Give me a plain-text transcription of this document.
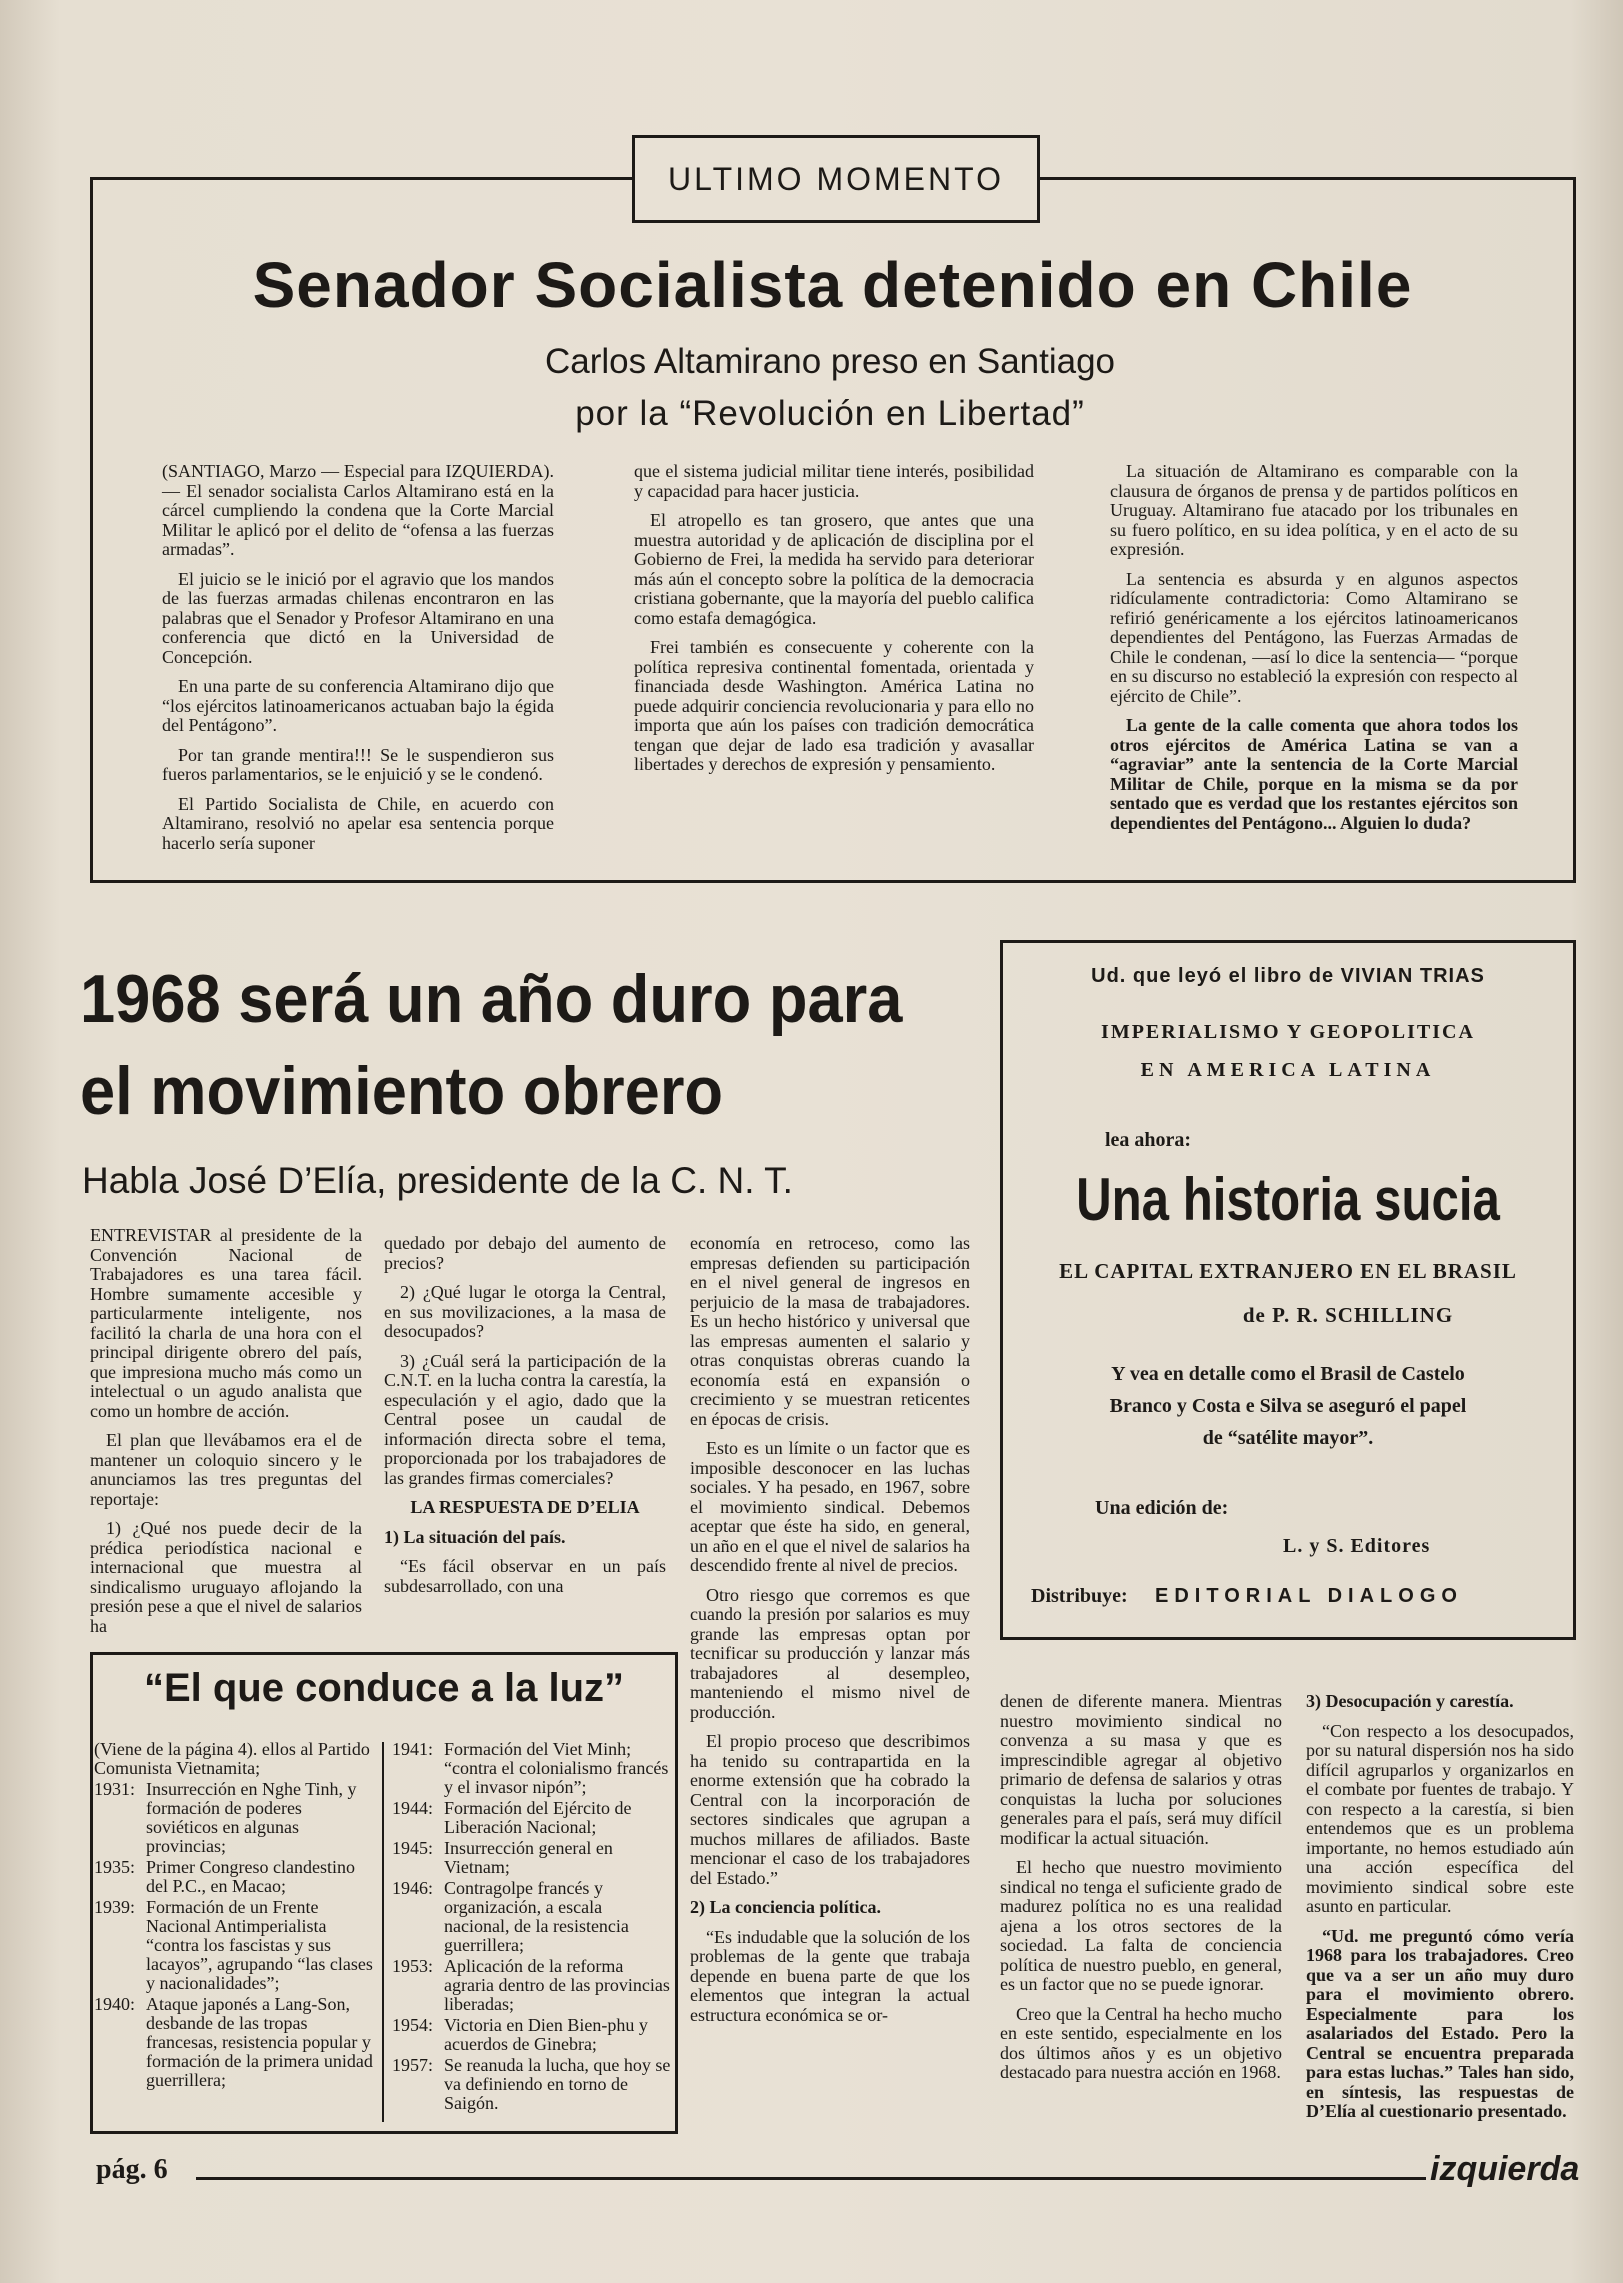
ULTIMO MOMENTO
Senador Socialista detenido en Chile
Carlos Altamirano preso en Santiago
por la “Revolución en Libertad”

(SANTIAGO, Marzo — Especial para IZQUIERDA). — El senador socialista Carlos Altamirano está en la cárcel cumpliendo la condena que la Corte Marcial Militar le aplicó por el delito de “ofensa a las fuerzas armadas”.

El juicio se le inició por el agravio que los mandos de las fuerzas armadas chilenas encontraron en las palabras que el Senador y Profesor Altamirano en una conferencia que dictó en la Universidad de Concepción.

En una parte de su conferencia Altamirano dijo que “los ejércitos latinoamericanos actuaban bajo la égida del Pentágono”.

Por tan grande mentira!!! Se le suspendieron sus fueros parlamentarios, se le enjuició y se le condenó.

El Partido Socialista de Chile, en acuerdo con Altamirano, resolvió no apelar esa sentencia porque hacerlo sería suponer

que el sistema judicial militar tiene interés, posibilidad y capacidad para hacer justicia.

El atropello es tan grosero, que antes que una muestra autoridad y de aplicación de disciplina por el Gobierno de Frei, la medida ha servido para deteriorar más aún el concepto sobre la política de la democracia cristiana gobernante, que la mayoría del pueblo califica como estafa demagógica.

Frei también es consecuente y coherente con la política represiva continental fomentada, orientada y financiada desde Washington. América Latina no puede adquirir conciencia revolucionaria y para ello no importa que aún los países con tradición democrática tengan que dejar de lado esa tradición y avasallar libertades y derechos de expresión y pensamiento.

La situación de Altamirano es comparable con la clausura de órganos de prensa y de partidos políticos en Uruguay. Altamirano fue atacado por los tribunales en su fuero político, en su idea política, y en el acto de su expresión.

La sentencia es absurda y en algunos aspectos ridículamente contradictoria: Como Altamirano se refirió genéricamente a los ejércitos latinoamericanos dependientes del Pentágono, las Fuerzas Armadas de Chile le condenan, —así lo dice la sentencia— “porque en su discurso no estableció la expresión con respecto al ejército de Chile”.

La gente de la calle comenta que ahora todos los otros ejércitos de América Latina se van a “agraviar” ante la sentencia de la Corte Marcial Militar de Chile, porque en la misma se da por sentado que es verdad que los restantes ejércitos son dependientes del Pentágono... Alguien lo duda?

1968 será un año duro para
el movimiento obrero
Habla José D’Elía, presidente de la C. N. T.

ENTREVISTAR al presidente de la Convención Nacional de Trabajadores es una tarea fácil. Hombre sumamente accesible y particularmente inteligente, nos facilitó la charla de una hora con el principal dirigente obrero del país, que impresiona mucho más como un intelectual o un agudo analista que como un hombre de acción.

El plan que llevábamos era el de mantener un coloquio sincero y le anunciamos las tres preguntas del reportaje:

1) ¿Qué nos puede decir de la prédica periodística nacional e internacional que muestra al sindicalismo uruguayo aflojando la presión pese a que el nivel de salarios ha

quedado por debajo del aumento de precios?

2) ¿Qué lugar le otorga la Central, en sus movilizaciones, a la masa de desocupados?

3) ¿Cuál será la participación de la C.N.T. en la lucha contra la carestía, la especulación y el agio, dado que la Central posee un caudal de información directa sobre el tema, proporcionada por los trabajadores de las grandes firmas comerciales?

LA RESPUESTA DE D’ELIA

1) La situación del país.

“Es fácil observar en un país subdesarrollado, con una

economía en retroceso, como las empresas defienden su participación en el nivel general de ingresos en perjuicio de la masa de trabajadores. Es un hecho histórico y universal que las empresas aumenten el salario y otras conquistas obreras cuando la economía está en expansión o crecimiento y se muestran reticentes en épocas de crisis.

Esto es un límite o un factor que es imposible desconocer en las luchas sociales. Y ha pesado, en 1967, sobre el movimiento sindical. Debemos aceptar que éste ha sido, en general, un año en el que el nivel de salarios ha descendido frente al nivel de precios.

Otro riesgo que corremos es que cuando la presión por salarios es muy grande las empresas optan por tecnificar su producción y lanzar más trabajadores al desempleo, manteniendo el mismo nivel de producción.

El propio proceso que describimos ha tenido su contrapartida en la enorme extensión que ha cobrado la Central con la incorporación de sectores sindicales que agrupan a muchos millares de afiliados. Baste mencionar el caso de los trabajadores del Estado.”

2) La conciencia política.

“Es indudable que la solución de los problemas de la gente que trabaja depende en buena parte de que los elementos que integran la actual estructura económica se or-

denen de diferente manera. Mientras nuestro movimiento sindical no convenza a su masa y que es imprescindible agregar al objetivo primario de defensa de salarios y otras conquistas la lucha por soluciones generales para el país, será muy difícil modificar la actual situación.

El hecho que nuestro movimiento sindical no tenga el suficiente grado de madurez política no es una realidad ajena a los otros sectores de la sociedad. La falta de conciencia política de nuestro pueblo, en general, es un factor que no se puede ignorar.

Creo que la Central ha hecho mucho en este sentido, especialmente en los dos últimos años y es un objetivo destacado para nuestra acción en 1968.

3) Desocupación y carestía.

“Con respecto a los desocupados, por su natural dispersión nos ha sido difícil agruparlos y organizarlos en el combate por fuentes de trabajo. Y con respecto a la carestía, si bien entendemos que es un problema importante, no hemos estudiado aún una acción específica del movimiento sindical sobre este asunto en particular.

“Ud. me preguntó cómo vería 1968 para los trabajadores. Creo que va a ser un año muy duro para el movimiento obrero. Especialmente para los asalariados del Estado. Pero la Central se encuentra preparada para estas luchas.” Tales han sido, en síntesis, las respuestas de D’Elía al cuestionario presentado.

Ud. que leyó el libro de VIVIAN TRIAS
IMPERIALISMO Y GEOPOLITICA
EN AMERICA LATINA
lea ahora:
Una historia sucia
EL CAPITAL EXTRANJERO EN EL BRASIL
de P. R. SCHILLING
Y vea en detalle como el Brasil de Castelo
Branco y Costa e Silva se aseguró el papel
de “satélite mayor”.
Una edición de:
L. y S. Editores
Distribuye: EDITORIAL DIALOGO
“El que conduce a la luz”
(Viene de la página 4). ellos al Partido Comunista Vietnamita;
1931: Insurrección en Nghe Tinh, y formación de poderes soviéticos en algunas provincias;
1935: Primer Congreso clandestino del P.C., en Macao;
1939: Formación de un Frente Nacional Antimperialista “contra los fascistas y sus lacayos”, agrupando “las clases y nacionalidades”;
1940: Ataque japonés a Lang-Son, desbande de las tropas francesas, resistencia popular y formación de la primera unidad guerrillera;
1941: Formación del Viet Minh; “contra el colonialismo francés y el invasor nipón”;
1944: Formación del Ejército de Liberación Nacional;
1945: Insurrección general en Vietnam;
1946: Contragolpe francés y organización, a escala nacional, de la resistencia guerrillera;
1953: Aplicación de la reforma agraria dentro de las provincias liberadas;
1954: Victoria en Dien Bien-phu y acuerdos de Ginebra;
1957: Se reanuda la lucha, que hoy se va definiendo en torno de Saigón.
pág. 6	izquierda
